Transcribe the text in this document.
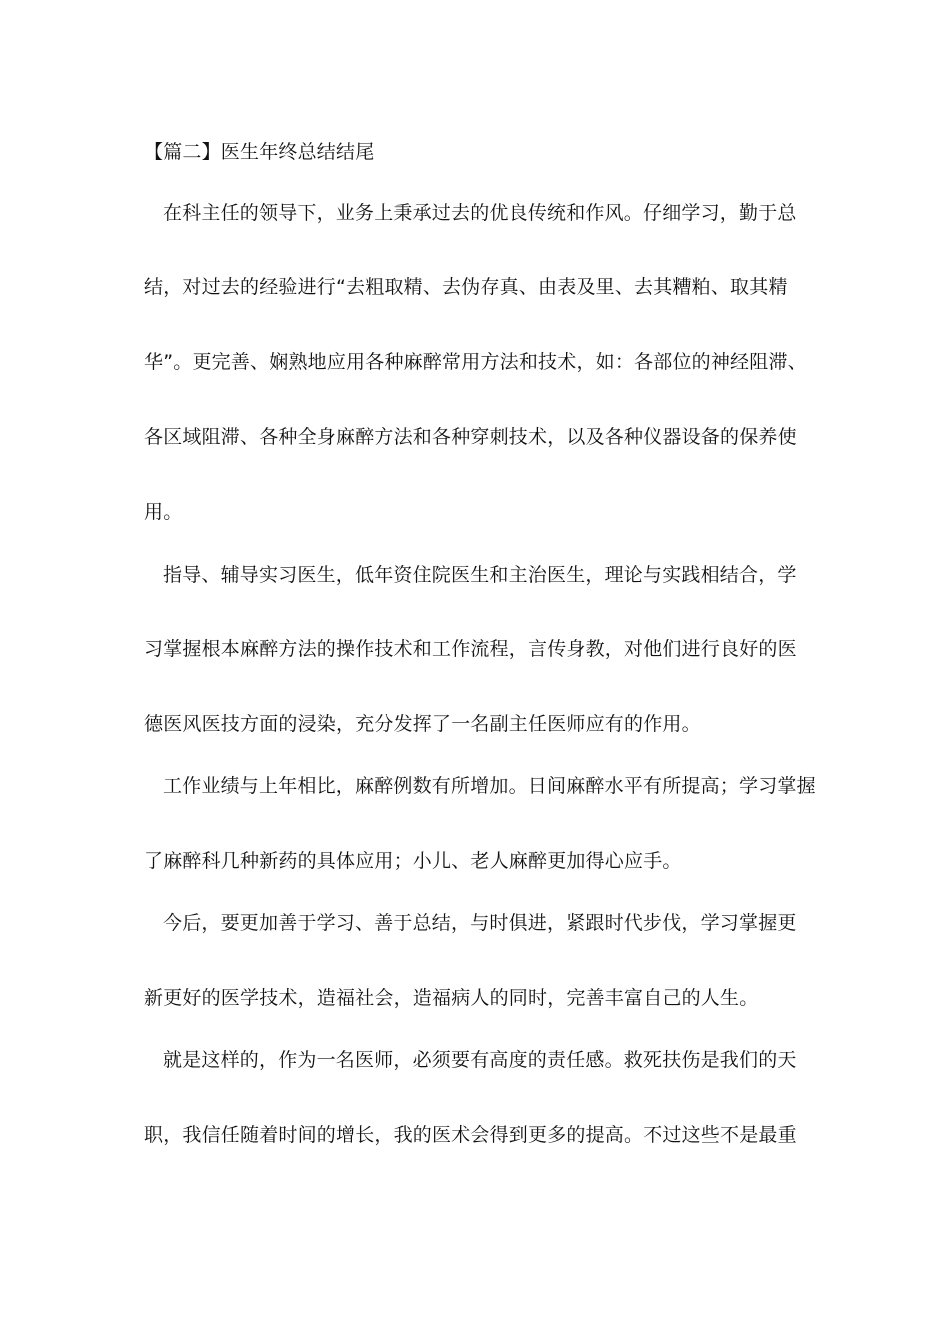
【篇二】医生年终总结结尾
在科主任的领导下，业务上秉承过去的优良传统和作风。仔细学习，勤于总
结，对过去的经验进行“去粗取精、去伪存真、由表及里、去其糟粕、取其精
华”。更完善、娴熟地应用各种麻醉常用方法和技术，如：各部位的神经阻滞、
各区域阻滞、各种全身麻醉方法和各种穿刺技术，以及各种仪器设备的保养使
用。
指导、辅导实习医生，低年资住院医生和主治医生，理论与实践相结合，学
习掌握根本麻醉方法的操作技术和工作流程，言传身教，对他们进行良好的医
德医风医技方面的浸染，充分发挥了一名副主任医师应有的作用。
工作业绩与上年相比，麻醉例数有所增加。日间麻醉水平有所提高；学习掌握
了麻醉科几种新药的具体应用；小儿、老人麻醉更加得心应手。
今后，要更加善于学习、善于总结，与时俱进，紧跟时代步伐，学习掌握更
新更好的医学技术，造福社会，造福病人的同时，完善丰富自己的人生。
就是这样的，作为一名医师，必须要有高度的责任感。救死扶伤是我们的天
职，我信任随着时间的增长，我的医术会得到更多的提高。不过这些不是最重
